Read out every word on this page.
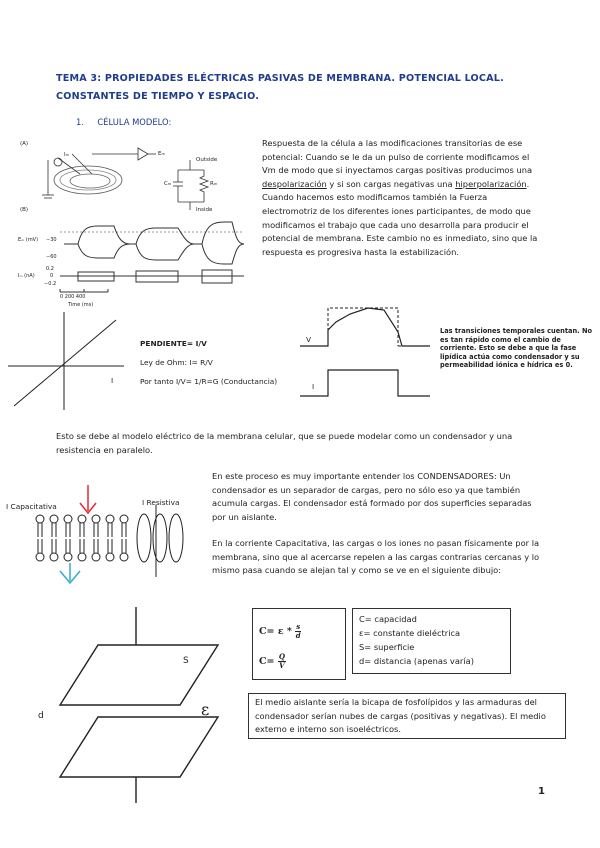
TEMA 3: PROPIEDADES ELÉCTRICAS PASIVAS DE MEMBRANA. POTENCIAL LOCAL. CONSTANTES DE TIEMPO Y ESPACIO.
1. CÉLULA MODELO:
(A)
(B)
Iₘ	Eₘ
Outside
Inside
Cₘ	Rₘ
Eₘ (mV) −30
−60
0.2
Iₘ (nA)	0
−0.2
0 200 400
Time (ms)
Respuesta de la célula a las modificaciones transitorias de ese potencial: Cuando se le da un pulso de corriente modificamos el Vm de modo que si inyectamos cargas positivas producimos una despolarización y si son cargas negativas una hiperpolarización. Cuando hacemos esto modificamos también la Fuerza electromotriz de los diferentes iones participantes, de modo que modificamos el trabajo que cada uno desarrolla para producir el potencial de membrana. Este cambio no es inmediato, sino que la respuesta es progresiva hasta la estabilización.
I
PENDIENTE= I/V
Ley de Ohm: I= R/V
Por tanto I/V= 1/R=G (Conductancia)
V
I
Las transiciones temporales cuentan. No es tan rápido como el cambio de corriente. Esto se debe a que la fase lipídica actúa como condensador y su permeabilidad iónica e hídrica es 0.
Esto se debe al modelo eléctrico de la membrana celular, que se puede modelar como un condensador y una resistencia en paralelo.
I Capacitativa	I Resistiva
En este proceso es muy importante entender los CONDENSADORES: Un condensador es un separador de cargas, pero no sólo eso ya que también acumula cargas. El condensador está formado por dos superficies separadas por un aislante.
En la corriente Capacitativa, las cargas o los iones no pasan físicamente por la membrana, sino que al acercarse repelen a las cargas contrarias cercanas y lo mismo pasa cuando se alejan tal y como se ve en el siguiente dibujo:
S
d	ε
$C= \varepsilon * \frac{s}{d}$
$C= \frac{Q}{V}$
C= capacidad
ε= constante dieléctrica
S= superficie
d= distancia (apenas varía)
El medio aislante sería la bicapa de fosfolípidos y las armaduras del condensador serían nubes de cargas (positivas y negativas). El medio externo e interno son isoeléctricos.
1
